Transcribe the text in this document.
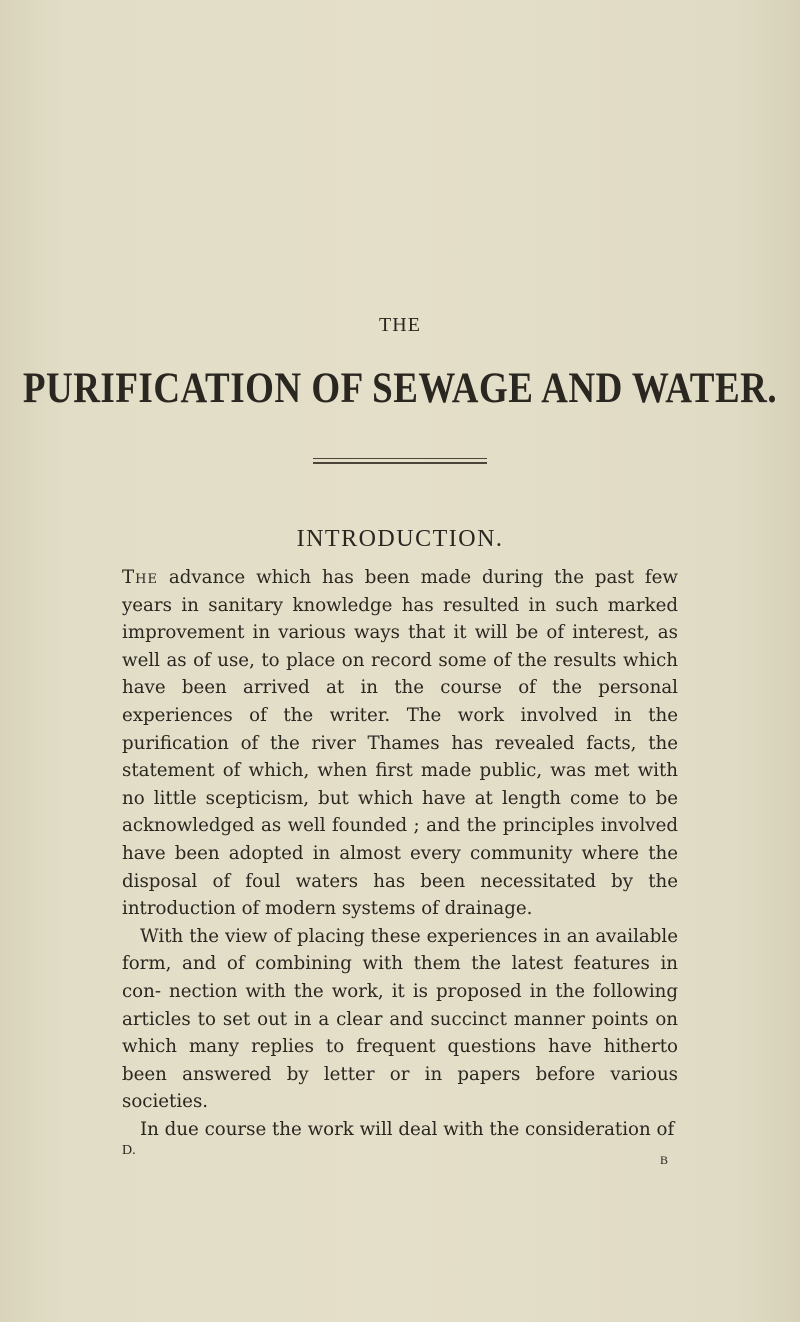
THE
PURIFICATION OF SEWAGE AND WATER.
INTRODUCTION.

The advance which has been made during the past few years in sanitary knowledge has resulted in such marked improvement in various ways that it will be of interest, as well as of use, to place on record some of the results which have been arrived at in the course of the personal experiences of the writer. The work involved in the purification of the river Thames has revealed facts, the statement of which, when first made public, was met with no little scepticism, but which have at length come to be acknowledged as well founded ; and the principles involved have been adopted in almost every community where the disposal of foul waters has been necessitated by the introduction of modern systems of drainage.

With the view of placing these experiences in an available form, and of combining with them the latest features in con- nection with the work, it is proposed in the following articles to set out in a clear and succinct manner points on which many replies to frequent questions have hitherto been answered by letter or in papers before various societies.

In due course the work will deal with the consideration of

D.
B
